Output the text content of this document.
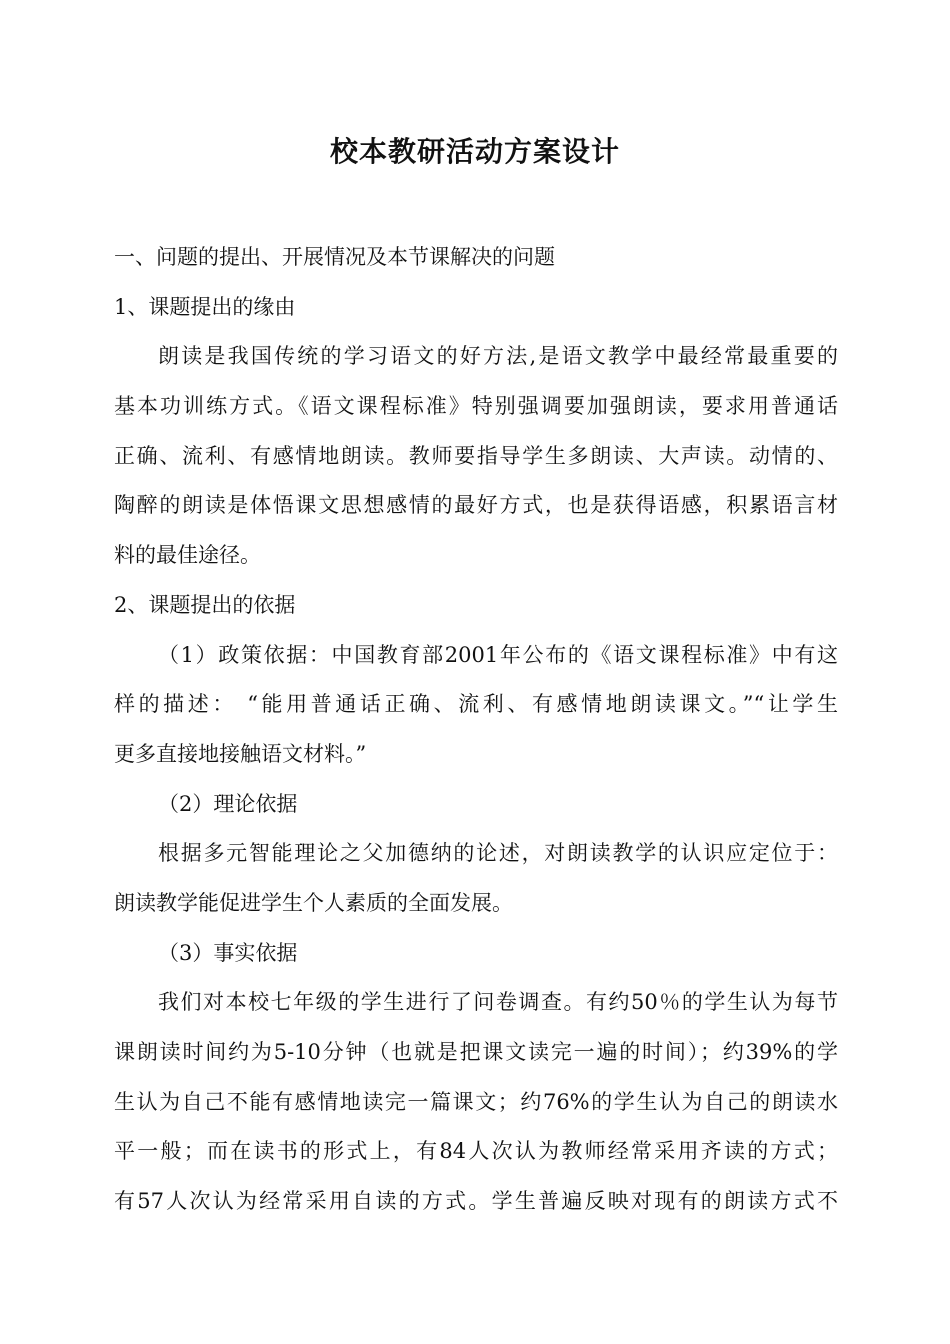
校本教研活动方案设计
一、问题的提出、开展情况及本节课解决的问题
1、课题提出的缘由
朗读是我国传统的学习语文的好方法,是语文教学中最经常最重要的
基本功训练方式。《语文课程标准》特别强调要加强朗读，要求用普通话
正确、流利、有感情地朗读。教师要指导学生多朗读、大声读。动情的、
陶醉的朗读是体悟课文思想感情的最好方式，也是获得语感，积累语言材
料的最佳途径。
2、课题提出的依据
（1）政策依据：中国教育部2001年公布的《语文课程标准》中有这
样的描述： “能用普通话正确、流利、有感情地朗读课文。”“让学生
更多直接地接触语文材料。”
（2）理论依据
根据多元智能理论之父加德纳的论述，对朗读教学的认识应定位于：
朗读教学能促进学生个人素质的全面发展。
（3）事实依据
我们对本校七年级的学生进行了问卷调查。有约50％的学生认为每节
课朗读时间约为5-10分钟（也就是把课文读完一遍的时间）；约39%的学
生认为自己不能有感情地读完一篇课文；约76%的学生认为自己的朗读水
平一般；而在读书的形式上，有84人次认为教师经常采用齐读的方式；
有57人次认为经常采用自读的方式。学生普遍反映对现有的朗读方式不
